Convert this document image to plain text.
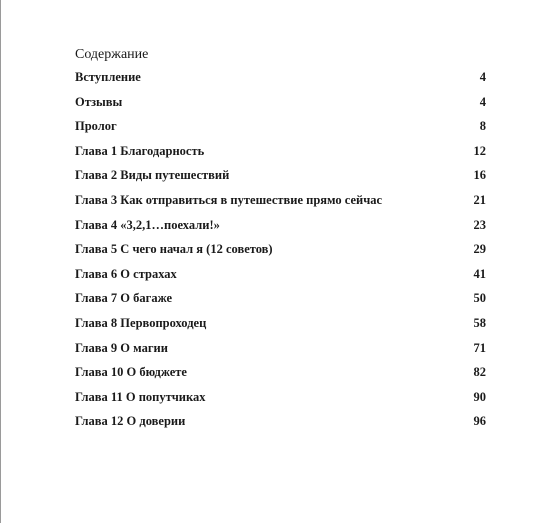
Содержание
Вступление	4
Отзывы	4
Пролог	8
Глава 1 Благодарность	12
Глава 2 Виды путешествий	16
Глава 3 Как отправиться в путешествие прямо сейчас	21
Глава 4 «3,2,1…поехали!»	23
Глава 5 С чего начал я (12 советов)	29
Глава 6 О страхах	41
Глава 7 О багаже	50
Глава 8 Первопроходец	58
Глава 9 О магии	71
Глава 10 О бюджете	82
Глава 11 О попутчиках	90
Глава 12 О доверии	96
